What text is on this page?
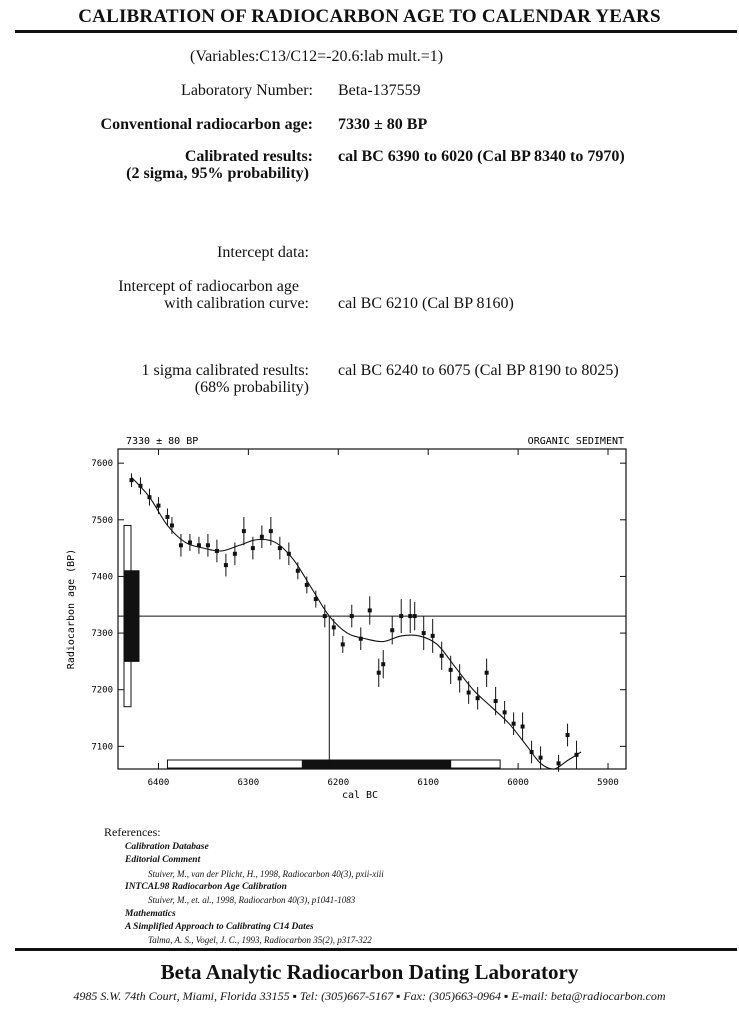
CALIBRATION OF RADIOCARBON AGE TO CALENDAR YEARS
(Variables:C13/C12=-20.6:lab mult.=1)
Laboratory Number: Beta-137559
Conventional radiocarbon age: 7330 ± 80 BP
Calibrated results:
(2 sigma, 95% probability)
cal BC 6390 to 6020 (Cal BP 8340 to 7970)
Intercept data:
Intercept of radiocarbon age
with calibration curve: cal BC 6210 (Cal BP 8160)
1 sigma calibrated results:
(68% probability)
cal BC 6240 to 6075 (Cal BP 8190 to 8025)
7330 ± 80 BP	ORGANIC SEDIMENT
6400	6300	6200	6100	6000	5900
7100
7200
7300
7400
7500
7600
cal BC
Radiocarbon age (BP)
References:
Calibration Database
Editorial Comment
Stuiver, M., van der Plicht, H., 1998, Radiocarbon 40(3), pxii-xiii
INTCAL98 Radiocarbon Age Calibration
Stuiver, M., et. al., 1998, Radiocarbon 40(3), p1041-1083
Mathematics
A Simplified Approach to Calibrating C14 Dates
Talma, A. S., Vogel, J. C., 1993, Radiocarbon 35(2), p317-322
Beta Analytic Radiocarbon Dating Laboratory
4985 S.W. 74th Court, Miami, Florida 33155 ▪ Tel: (305)667-5167 ▪ Fax: (305)663-0964 ▪ E-mail: beta@radiocarbon.com
